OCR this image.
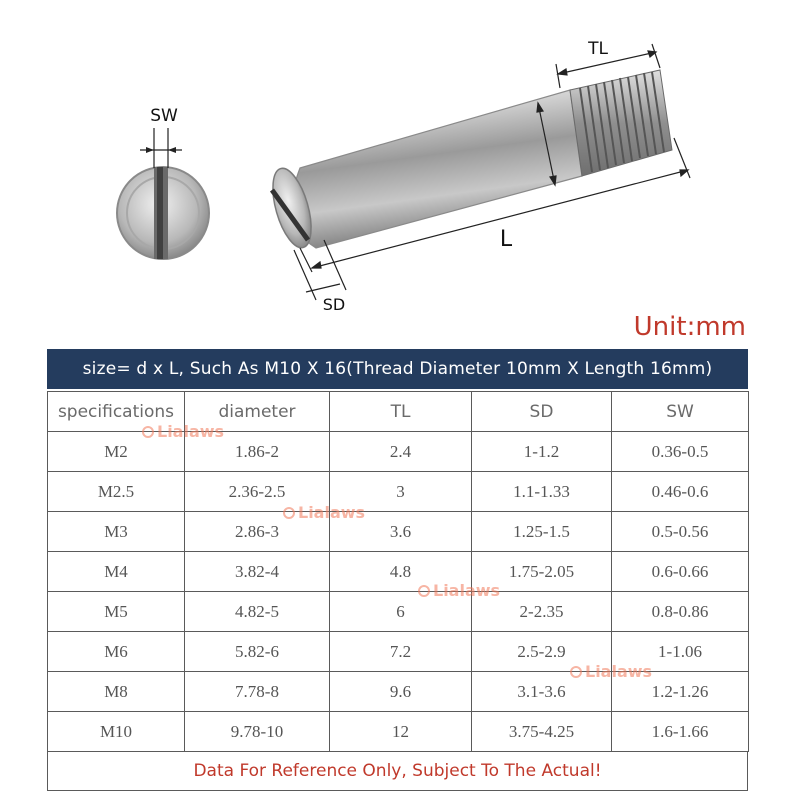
SW
TL
L
SD
Unit:mm
size= d x L, Such As M10 X 16(Thread Diameter 10mm X Length 16mm)
specifications	diameter	TL	SD	SW
M2	1.86-2	2.4	1-1.2	0.36-0.5
M2.5	2.36-2.5	3	1.1-1.33	0.46-0.6
M3	2.86-3	3.6	1.25-1.5	0.5-0.56
M4	3.82-4	4.8	1.75-2.05	0.6-0.66
M5	4.82-5	6	2-2.35	0.8-0.86
M6	5.82-6	7.2	2.5-2.9	1-1.06
M8	7.78-8	9.6	3.1-3.6	1.2-1.26
M10	9.78-10	12	3.75-4.25	1.6-1.66
Lialaws
Lialaws
Lialaws
Lialaws
Data For Reference Only, Subject To The Actual!
